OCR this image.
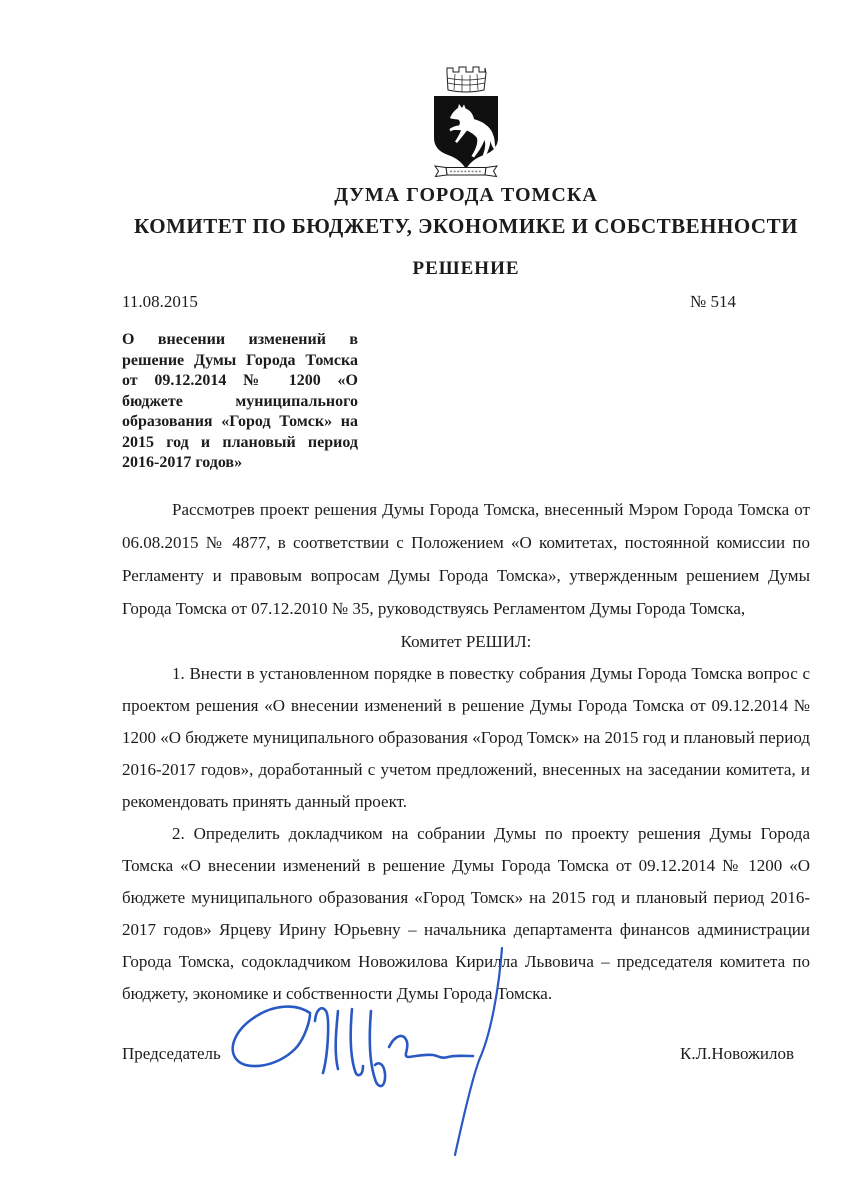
ДУМА ГОРОДА ТОМСКА
КОМИТЕТ ПО БЮДЖЕТУ, ЭКОНОМИКЕ И СОБСТВЕННОСТИ
РЕШЕНИЕ
11.08.2015	№ 514
О внесении изменений в решение Думы Города Томска от 09.12.2014 № 1200 «О бюджете муниципального образования «Город Томск» на 2015 год и плановый период 2016-2017 годов»

Рассмотрев проект решения Думы Города Томска, внесенный Мэром Города Томска от 06.08.2015 № 4877, в соответствии с Положением «О комитетах, постоянной комиссии по Регламенту и правовым вопросам Думы Города Томска», утвержденным решением Думы Города Томска от 07.12.2010 № 35, руководствуясь Регламентом Думы Города Томска,

Комитет РЕШИЛ:

1. Внести в установленном порядке в повестку собрания Думы Города Томска вопрос с проектом решения «О внесении изменений в решение Думы Города Томска от 09.12.2014 № 1200 «О бюджете муниципального образования «Город Томск» на 2015 год и плановый период 2016-2017 годов», доработанный с учетом предложений, внесенных на заседании комитета, и рекомендовать принять данный проект.

2. Определить докладчиком на собрании Думы по проекту решения Думы Города Томска «О внесении изменений в решение Думы Города Томска от 09.12.2014 № 1200 «О бюджете муниципального образования «Город Томск» на 2015 год и плановый период 2016-2017 годов» Ярцеву Ирину Юрьевну – начальника департамента финансов администрации Города Томска, содокладчиком Новожилова Кирилла Львовича – председателя комитета по бюджету, экономике и собственности Думы Города Томска.

Председатель	К.Л.Новожилов
